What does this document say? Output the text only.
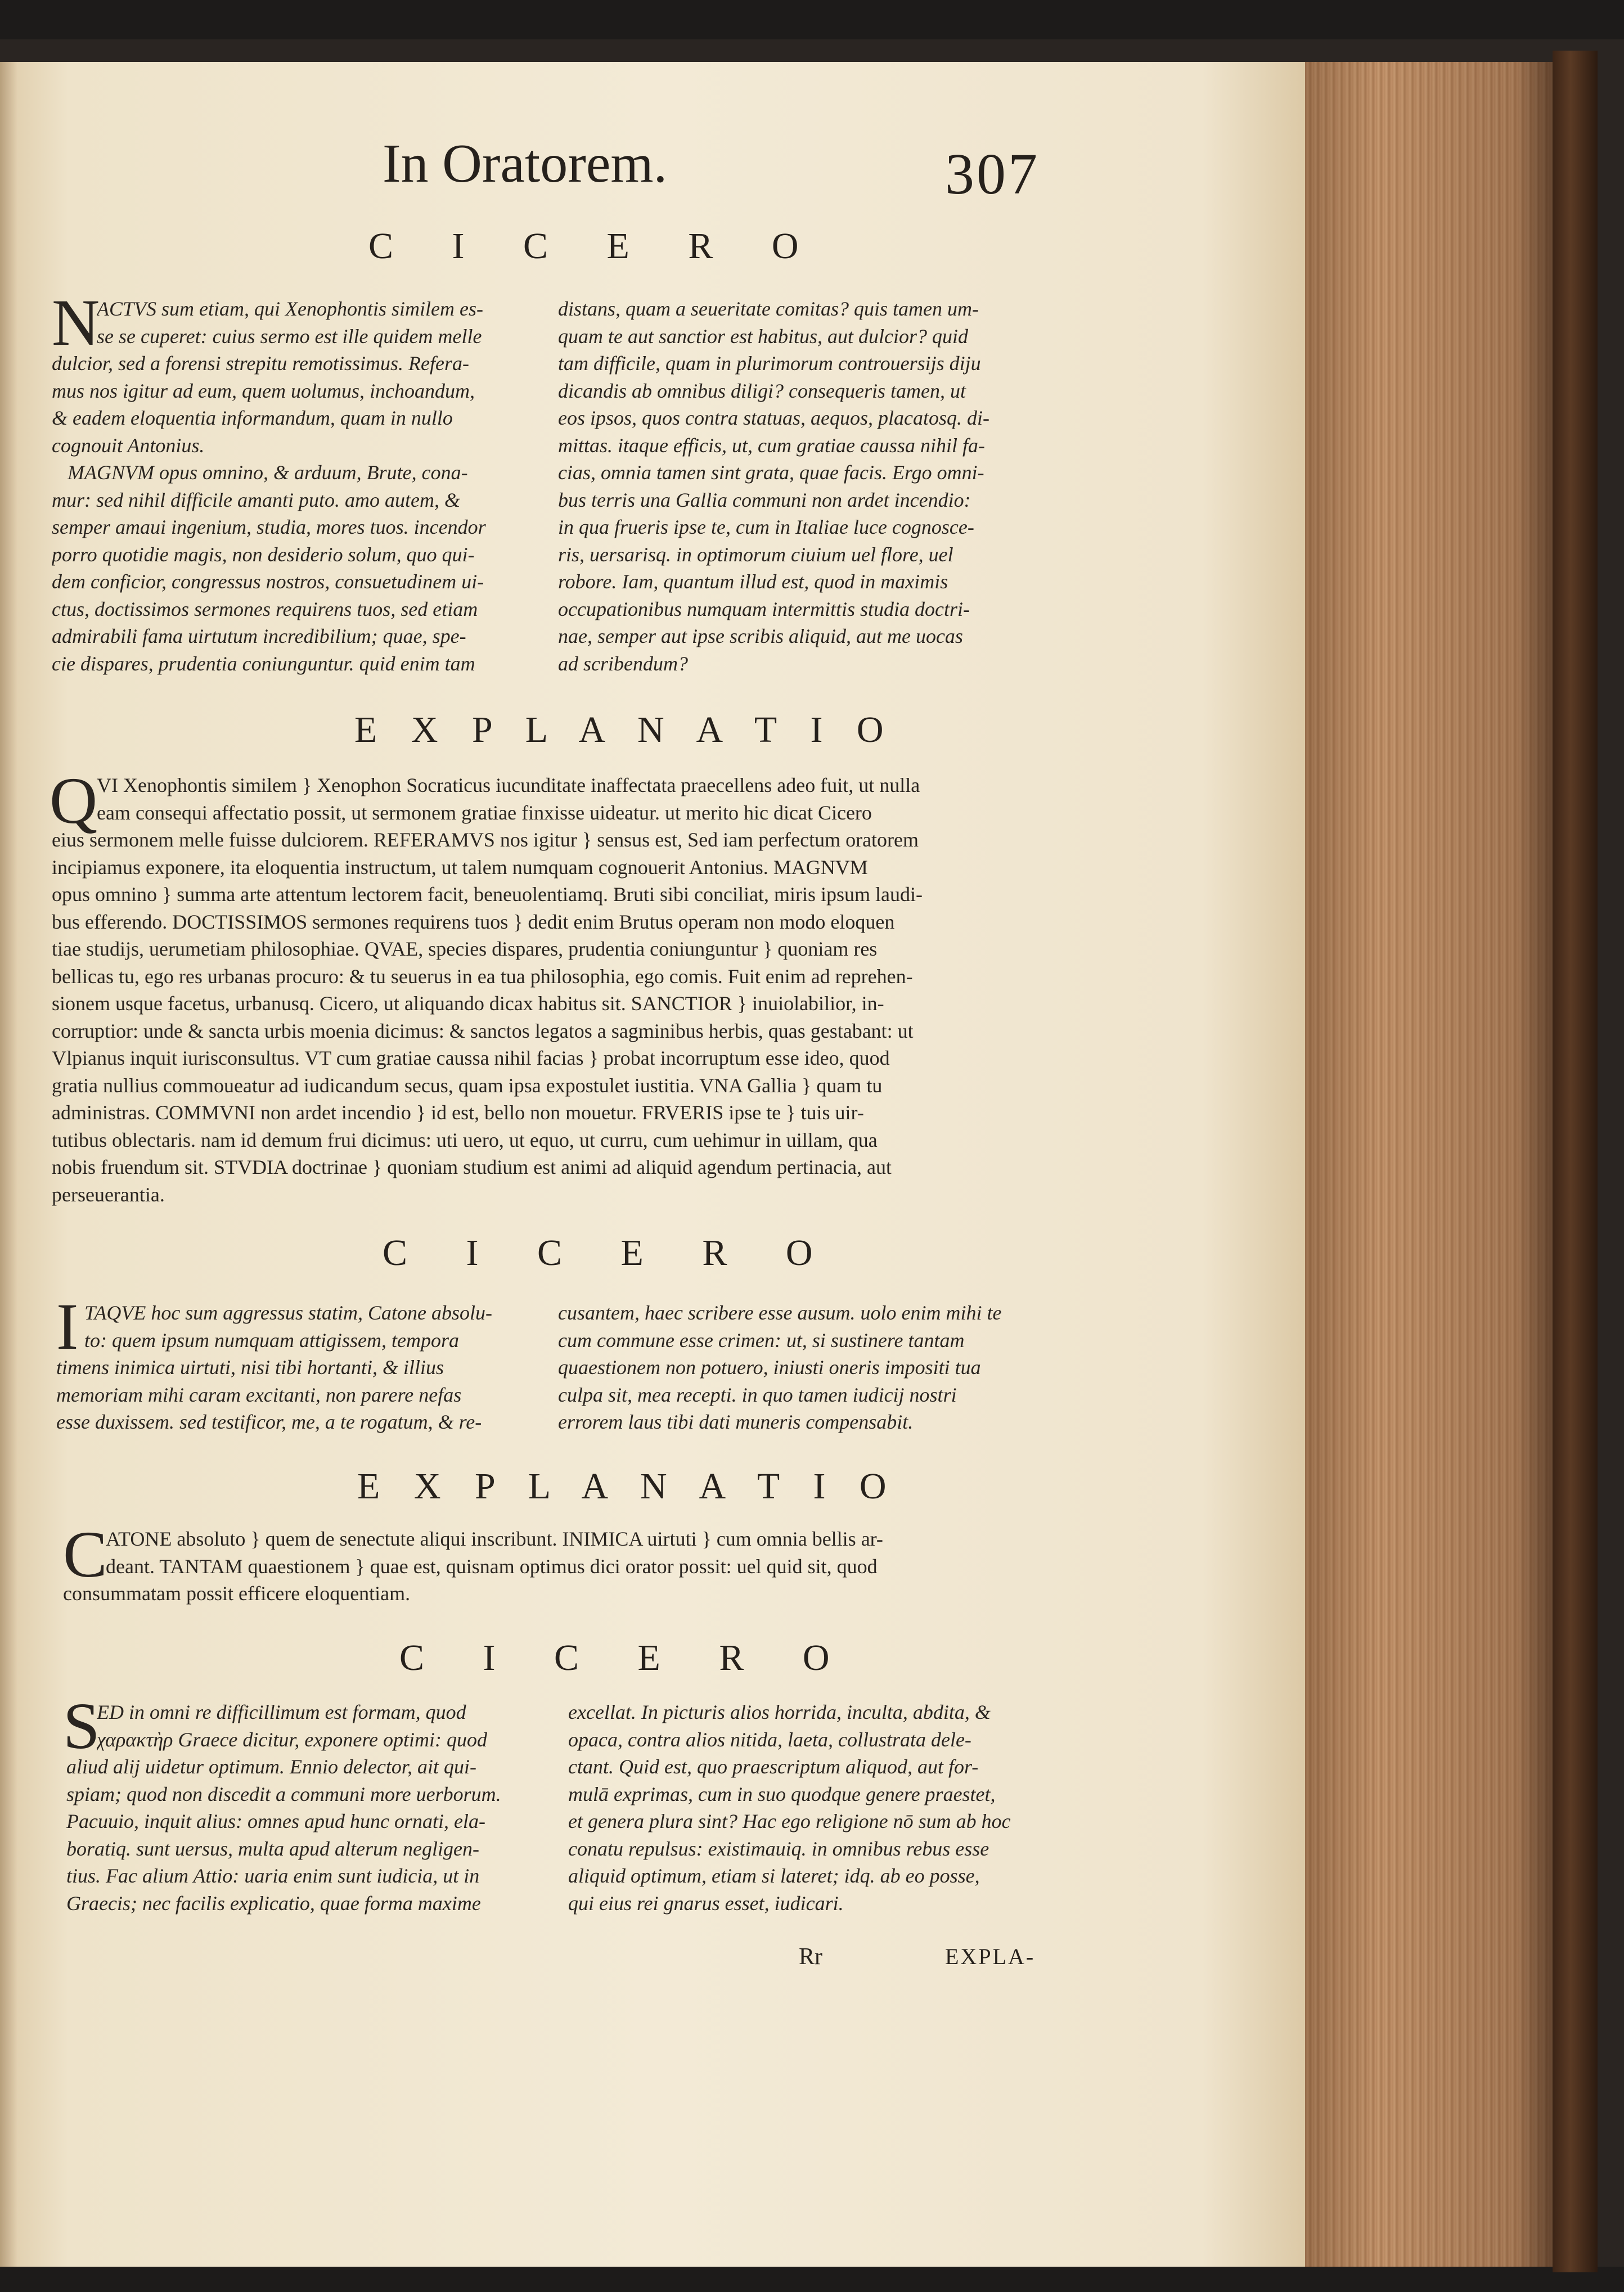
In Oratorem.	307
C I C E R O
N
ACTVS sum etiam, qui Xenophontis similem es-
se se cuperet: cuius sermo est ille quidem melle
dulcior, sed a forensi strepitu remotissimus. Refera-
mus nos igitur ad eum, quem uolumus, inchoandum,
& eadem eloquentia informandum, quam in nullo
cognouit Antonius.
MAGNVM opus omnino, & arduum, Brute, cona-
mur: sed nihil difficile amanti puto. amo autem, &
semper amaui ingenium, studia, mores tuos. incendor
porro quotidie magis, non desiderio solum, quo qui-
dem conficior, congressus nostros, consuetudinem ui-
ctus, doctissimos sermones requirens tuos, sed etiam
admirabili fama uirtutum incredibilium; quae, spe-
cie dispares, prudentia coniunguntur. quid enim tam
distans, quam a seueritate comitas? quis tamen um-
quam te aut sanctior est habitus, aut dulcior? quid
tam difficile, quam in plurimorum controuersijs diju
dicandis ab omnibus diligi? consequeris tamen, ut
eos ipsos, quos contra statuas, aequos, placatosq. di-
mittas. itaque efficis, ut, cum gratiae caussa nihil fa-
cias, omnia tamen sint grata, quae facis. Ergo omni-
bus terris una Gallia communi non ardet incendio:
in qua frueris ipse te, cum in Italiae luce cognosce-
ris, uersarisq. in optimorum ciuium uel flore, uel
robore. Iam, quantum illud est, quod in maximis
occupationibus numquam intermittis studia doctri-
nae, semper aut ipse scribis aliquid, aut me uocas
ad scribendum?
E X P L A N A T I O
Q
VI Xenophontis similem } Xenophon Socraticus iucunditate inaffectata praecellens adeo fuit, ut nulla
eam consequi affectatio possit, ut sermonem gratiae finxisse uideatur. ut merito hic dicat Cicero
eius sermonem melle fuisse dulciorem. REFERAMVS nos igitur } sensus est, Sed iam perfectum oratorem
incipiamus exponere, ita eloquentia instructum, ut talem numquam cognouerit Antonius. MAGNVM
opus omnino } summa arte attentum lectorem facit, beneuolentiamq. Bruti sibi conciliat, miris ipsum laudi-
bus efferendo. DOCTISSIMOS sermones requirens tuos } dedit enim Brutus operam non modo eloquen
tiae studijs, uerumetiam philosophiae. QVAE, species dispares, prudentia coniunguntur } quoniam res
bellicas tu, ego res urbanas procuro: & tu seuerus in ea tua philosophia, ego comis. Fuit enim ad reprehen-
sionem usque facetus, urbanusq. Cicero, ut aliquando dicax habitus sit. SANCTIOR } inuiolabilior, in-
corruptior: unde & sancta urbis moenia dicimus: & sanctos legatos a sagminibus herbis, quas gestabant: ut
Vlpianus inquit iurisconsultus. VT cum gratiae caussa nihil facias } probat incorruptum esse ideo, quod
gratia nullius commoueatur ad iudicandum secus, quam ipsa expostulet iustitia. VNA Gallia } quam tu
administras. COMMVNI non ardet incendio } id est, bello non mouetur. FRVERIS ipse te } tuis uir-
tutibus oblectaris. nam id demum frui dicimus: uti uero, ut equo, ut curru, cum uehimur in uillam, qua
nobis fruendum sit. STVDIA doctrinae } quoniam studium est animi ad aliquid agendum pertinacia, aut
perseuerantia.
C I C E R O
I TAQVE hoc sum aggressus statim, Catone absolu-
to: quem ipsum numquam attigissem, tempora
timens inimica uirtuti, nisi tibi hortanti, & illius
memoriam mihi caram excitanti, non parere nefas
esse duxissem. sed testificor, me, a te rogatum, & re-
cusantem, haec scribere esse ausum. uolo enim mihi te
cum commune esse crimen: ut, si sustinere tantam
quaestionem non potuero, iniusti oneris impositi tua
culpa sit, mea recepti. in quo tamen iudicij nostri
errorem laus tibi dati muneris compensabit.
E X P L A N A T I O
C
ATONE absoluto } quem de senectute aliqui inscribunt. INIMICA uirtuti } cum omnia bellis ar-
deant. TANTAM quaestionem } quae est, quisnam optimus dici orator possit: uel quid sit, quod
consummatam possit efficere eloquentiam.
C I C E R O
S
ED in omni re difficillimum est formam, quod
χαρακτὴρ Graece dicitur, exponere optimi: quod
aliud alij uidetur optimum. Ennio delector, ait qui-
spiam; quod non discedit a communi more uerborum.
Pacuuio, inquit alius: omnes apud hunc ornati, ela-
boratiq. sunt uersus, multa apud alterum negligen-
tius. Fac alium Attio: uaria enim sunt iudicia, ut in
Graecis; nec facilis explicatio, quae forma maxime
excellat. In picturis alios horrida, inculta, abdita, &
opaca, contra alios nitida, laeta, collustrata dele-
ctant. Quid est, quo praescriptum aliquod, aut for-
mulā exprimas, cum in suo quodque genere praestet,
et genera plura sint? Hac ego religione nō sum ab hoc
conatu repulsus: existimauiq. in omnibus rebus esse
aliquid optimum, etiam si lateret; idq. ab eo posse,
qui eius rei gnarus esset, iudicari.
Rr	EXPLA-
